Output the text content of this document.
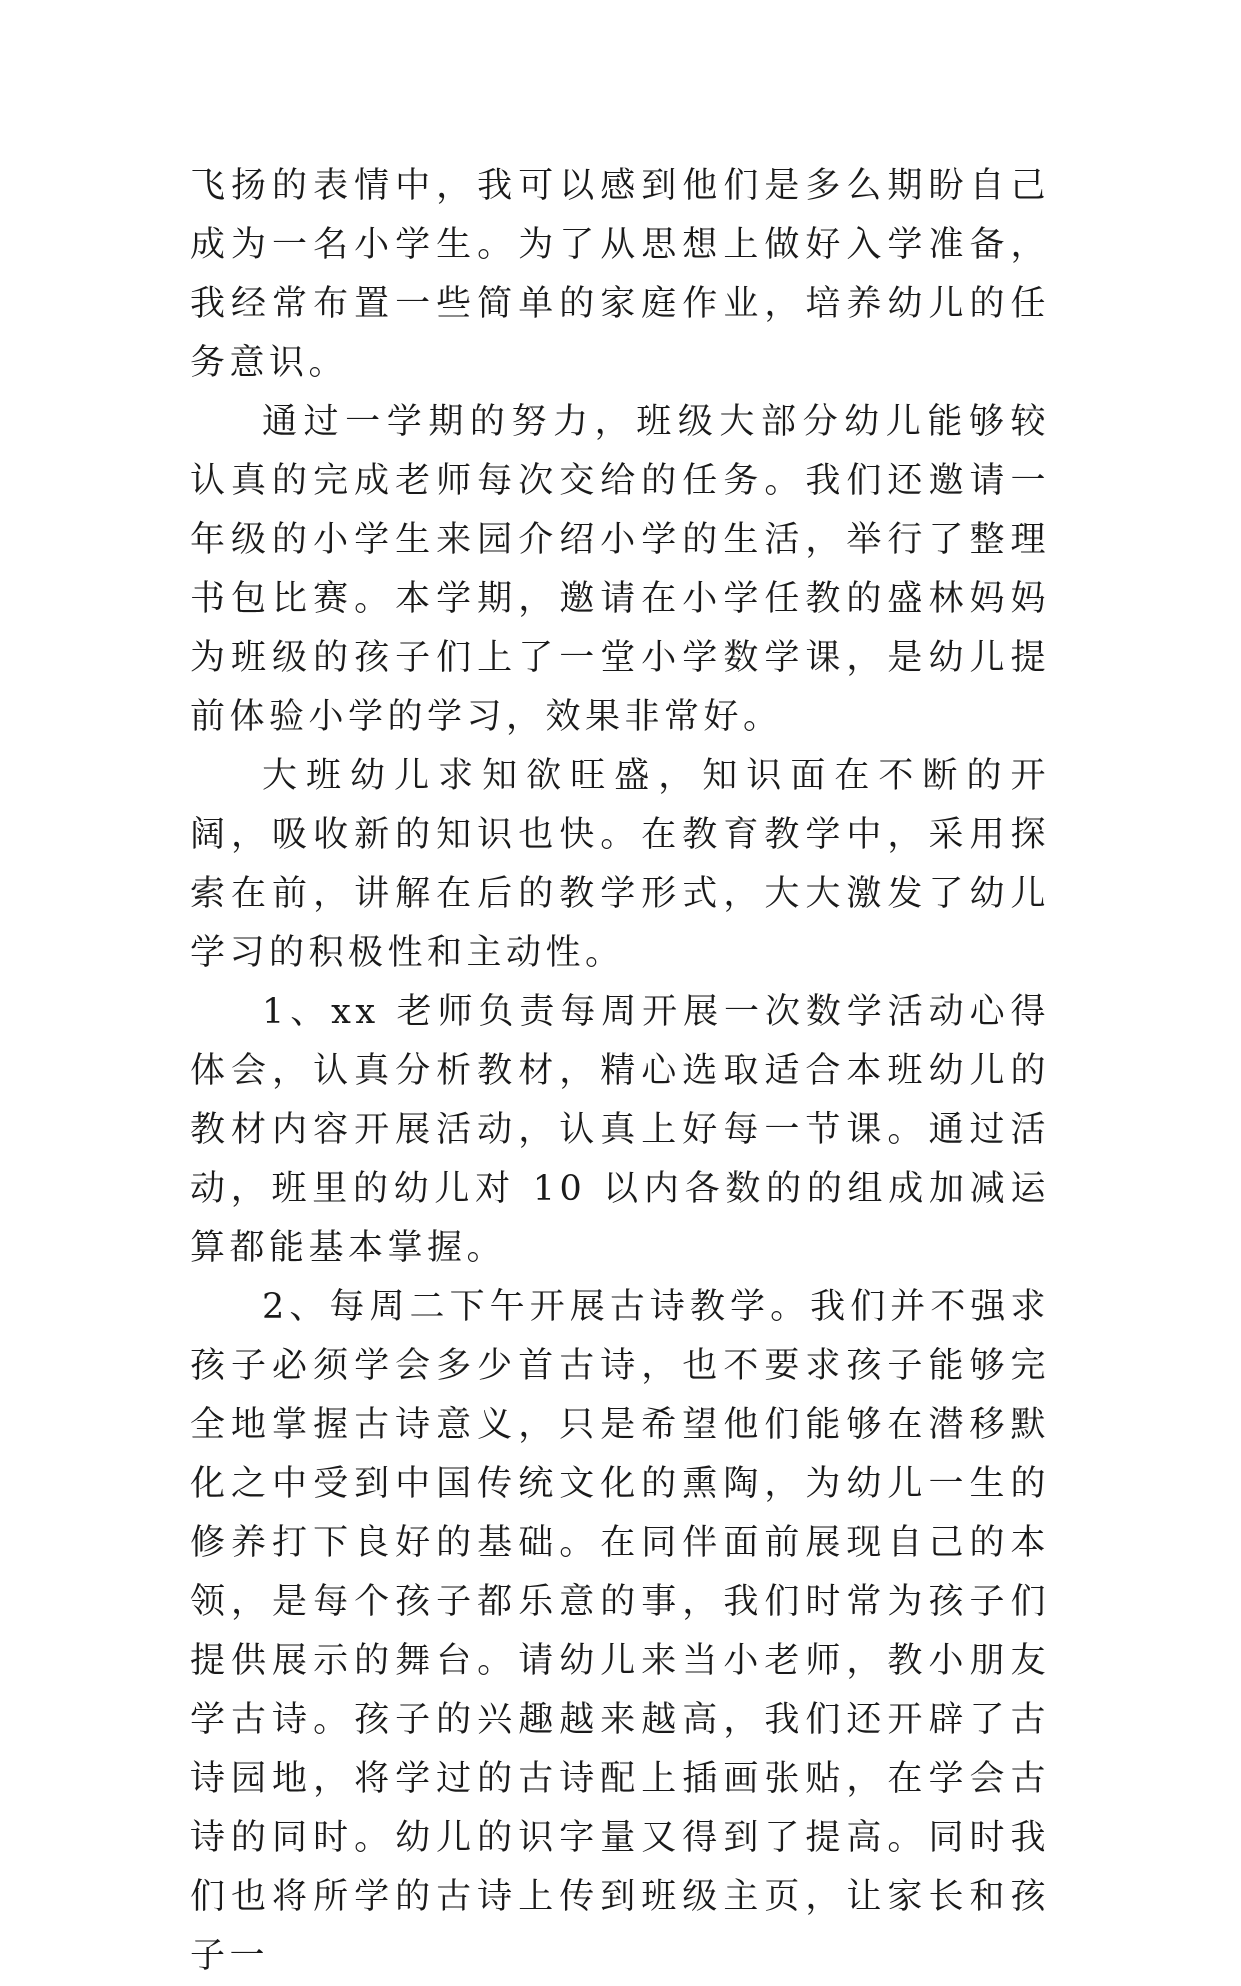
飞扬的表情中，我可以感到他们是多么期盼自己成为一名小学生。为了从思想上做好入学准备，我经常布置一些简单的家庭作业，培养幼儿的任务意识。

通过一学期的努力，班级大部分幼儿能够较认真的完成老师每次交给的任务。我们还邀请一年级的小学生来园介绍小学的生活，举行了整理书包比赛。本学期，邀请在小学任教的盛林妈妈为班级的孩子们上了一堂小学数学课，是幼儿提前体验小学的学习，效果非常好。

大班幼儿求知欲旺盛，知识面在不断的开阔，吸收新的知识也快。在教育教学中，采用探索在前，讲解在后的教学形式，大大激发了幼儿学习的积极性和主动性。

1、xx 老师负责每周开展一次数学活动心得体会，认真分析教材，精心选取适合本班幼儿的教材内容开展活动，认真上好每一节课。通过活动，班里的幼儿对 10 以内各数的的组成加减运算都能基本掌握。

2、每周二下午开展古诗教学。我们并不强求孩子必须学会多少首古诗，也不要求孩子能够完全地掌握古诗意义，只是希望他们能够在潜移默化之中受到中国传统文化的熏陶，为幼儿一生的修养打下良好的基础。在同伴面前展现自己的本领，是每个孩子都乐意的事，我们时常为孩子们提供展示的舞台。请幼儿来当小老师，教小朋友学古诗。孩子的兴趣越来越高，我们还开辟了古诗园地，将学过的古诗配上插画张贴，在学会古诗的同时。幼儿的识字量又得到了提高。同时我们也将所学的古诗上传到班级主页，让家长和孩子一
